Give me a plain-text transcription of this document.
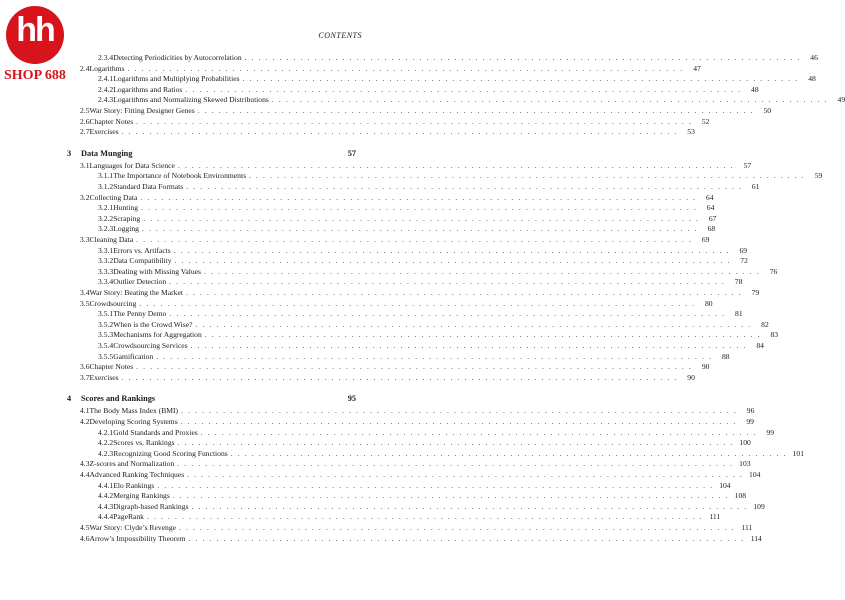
hh
SHOP 688
CONTENTS
2.3.4 Detecting Periodicities by Autocorrelation . . . . . . . . . . . . . . . . . . . . . . . . . . . . . . . . . . . . . . . . . . . . . . . . . . . . . . . . . . . . . . . . . . . . . . . . . . . . . . . .	46
2.4 Logarithms . . . . . . . . . . . . . . . . . . . . . . . . . . . . . . . . . . . . . . . . . . . . . . . . . . . . . . . . . . . . . . . . . . . . . . . . . . . . . . . .	47
2.4.1 Logarithms and Multiplying Probabilities . . . . . . . . . . . . . . . . . . . . . . . . . . . . . . . . . . . . . . . . . . . . . . . . . . . . . . . . . . . . . . . . . . . . . . . . . . . . . . . .	48
2.4.2 Logarithms and Ratios . . . . . . . . . . . . . . . . . . . . . . . . . . . . . . . . . . . . . . . . . . . . . . . . . . . . . . . . . . . . . . . . . . . . . . . . . . . . . . . .	48
2.4.3 Logarithms and Normalizing Skewed Distributions . . . . . . . . . . . . . . . . . . . . . . . . . . . . . . . . . . . . . . . . . . . . . . . . . . . . . . . . . . . . . . . . . . . . . . . . . . . . . . . .	49
2.5 War Story: Fitting Designer Genes . . . . . . . . . . . . . . . . . . . . . . . . . . . . . . . . . . . . . . . . . . . . . . . . . . . . . . . . . . . . . . . . . . . . . . . . . . . . . . . .	50
2.6 Chapter Notes . . . . . . . . . . . . . . . . . . . . . . . . . . . . . . . . . . . . . . . . . . . . . . . . . . . . . . . . . . . . . . . . . . . . . . . . . . . . . . . .	52
2.7 Exercises . . . . . . . . . . . . . . . . . . . . . . . . . . . . . . . . . . . . . . . . . . . . . . . . . . . . . . . . . . . . . . . . . . . . . . . . . . . . . . . .	53
3	Data Munging	57
3.1 Languages for Data Science . . . . . . . . . . . . . . . . . . . . . . . . . . . . . . . . . . . . . . . . . . . . . . . . . . . . . . . . . . . . . . . . . . . . . . . . . . . . . . . .	57
3.1.1 The Importance of Notebook Environments . . . . . . . . . . . . . . . . . . . . . . . . . . . . . . . . . . . . . . . . . . . . . . . . . . . . . . . . . . . . . . . . . . . . . . . . . . . . . . . .	59
3.1.2 Standard Data Formats . . . . . . . . . . . . . . . . . . . . . . . . . . . . . . . . . . . . . . . . . . . . . . . . . . . . . . . . . . . . . . . . . . . . . . . . . . . . . . . .	61
3.2 Collecting Data . . . . . . . . . . . . . . . . . . . . . . . . . . . . . . . . . . . . . . . . . . . . . . . . . . . . . . . . . . . . . . . . . . . . . . . . . . . . . . . .	64
3.2.1 Hunting . . . . . . . . . . . . . . . . . . . . . . . . . . . . . . . . . . . . . . . . . . . . . . . . . . . . . . . . . . . . . . . . . . . . . . . . . . . . . . . .	64
3.2.2 Scraping . . . . . . . . . . . . . . . . . . . . . . . . . . . . . . . . . . . . . . . . . . . . . . . . . . . . . . . . . . . . . . . . . . . . . . . . . . . . . . . .	67
3.2.3 Logging . . . . . . . . . . . . . . . . . . . . . . . . . . . . . . . . . . . . . . . . . . . . . . . . . . . . . . . . . . . . . . . . . . . . . . . . . . . . . . . .	68
3.3 Cleaning Data . . . . . . . . . . . . . . . . . . . . . . . . . . . . . . . . . . . . . . . . . . . . . . . . . . . . . . . . . . . . . . . . . . . . . . . . . . . . . . . .	69
3.3.1 Errors vs. Artifacts . . . . . . . . . . . . . . . . . . . . . . . . . . . . . . . . . . . . . . . . . . . . . . . . . . . . . . . . . . . . . . . . . . . . . . . . . . . . . . . .	69
3.3.2 Data Compatibility . . . . . . . . . . . . . . . . . . . . . . . . . . . . . . . . . . . . . . . . . . . . . . . . . . . . . . . . . . . . . . . . . . . . . . . . . . . . . . . .	72
3.3.3 Dealing with Missing Values . . . . . . . . . . . . . . . . . . . . . . . . . . . . . . . . . . . . . . . . . . . . . . . . . . . . . . . . . . . . . . . . . . . . . . . . . . . . . . . .	76
3.3.4 Outlier Detection . . . . . . . . . . . . . . . . . . . . . . . . . . . . . . . . . . . . . . . . . . . . . . . . . . . . . . . . . . . . . . . . . . . . . . . . . . . . . . . .	78
3.4 War Story: Beating the Market . . . . . . . . . . . . . . . . . . . . . . . . . . . . . . . . . . . . . . . . . . . . . . . . . . . . . . . . . . . . . . . . . . . . . . . . . . . . . . . .	79
3.5 Crowdsourcing . . . . . . . . . . . . . . . . . . . . . . . . . . . . . . . . . . . . . . . . . . . . . . . . . . . . . . . . . . . . . . . . . . . . . . . . . . . . . . . .	80
3.5.1 The Penny Demo . . . . . . . . . . . . . . . . . . . . . . . . . . . . . . . . . . . . . . . . . . . . . . . . . . . . . . . . . . . . . . . . . . . . . . . . . . . . . . . .	81
3.5.2 When is the Crowd Wise? . . . . . . . . . . . . . . . . . . . . . . . . . . . . . . . . . . . . . . . . . . . . . . . . . . . . . . . . . . . . . . . . . . . . . . . . . . . . . . . .	82
3.5.3 Mechanisms for Aggregation . . . . . . . . . . . . . . . . . . . . . . . . . . . . . . . . . . . . . . . . . . . . . . . . . . . . . . . . . . . . . . . . . . . . . . . . . . . . . . . .	83
3.5.4 Crowdsourcing Services . . . . . . . . . . . . . . . . . . . . . . . . . . . . . . . . . . . . . . . . . . . . . . . . . . . . . . . . . . . . . . . . . . . . . . . . . . . . . . . .	84
3.5.5 Gamification . . . . . . . . . . . . . . . . . . . . . . . . . . . . . . . . . . . . . . . . . . . . . . . . . . . . . . . . . . . . . . . . . . . . . . . . . . . . . . . .	88
3.6 Chapter Notes . . . . . . . . . . . . . . . . . . . . . . . . . . . . . . . . . . . . . . . . . . . . . . . . . . . . . . . . . . . . . . . . . . . . . . . . . . . . . . . .	90
3.7 Exercises . . . . . . . . . . . . . . . . . . . . . . . . . . . . . . . . . . . . . . . . . . . . . . . . . . . . . . . . . . . . . . . . . . . . . . . . . . . . . . . .	90
4	Scores and Rankings	95
4.1 The Body Mass Index (BMI) . . . . . . . . . . . . . . . . . . . . . . . . . . . . . . . . . . . . . . . . . . . . . . . . . . . . . . . . . . . . . . . . . . . . . . . . . . . . . . . .	96
4.2 Developing Scoring Systems . . . . . . . . . . . . . . . . . . . . . . . . . . . . . . . . . . . . . . . . . . . . . . . . . . . . . . . . . . . . . . . . . . . . . . . . . . . . . . . .	99
4.2.1 Gold Standards and Proxies . . . . . . . . . . . . . . . . . . . . . . . . . . . . . . . . . . . . . . . . . . . . . . . . . . . . . . . . . . . . . . . . . . . . . . . . . . . . . . . .	99
4.2.2 Scores vs. Rankings . . . . . . . . . . . . . . . . . . . . . . . . . . . . . . . . . . . . . . . . . . . . . . . . . . . . . . . . . . . . . . . . . . . . . . . . . . . . . . . . 100
4.2.3 Recognizing Good Scoring Functions . . . . . . . . . . . . . . . . . . . . . . . . . . . . . . . . . . . . . . . . . . . . . . . . . . . . . . . . . . . . . . . . . . . . . . . . . . . . . . . . 101
4.3 Z-scores and Normalization . . . . . . . . . . . . . . . . . . . . . . . . . . . . . . . . . . . . . . . . . . . . . . . . . . . . . . . . . . . . . . . . . . . . . . . . . . . . . . . . 103
4.4 Advanced Ranking Techniques . . . . . . . . . . . . . . . . . . . . . . . . . . . . . . . . . . . . . . . . . . . . . . . . . . . . . . . . . . . . . . . . . . . . . . . . . . . . . . . . 104
4.4.1 Elo Rankings . . . . . . . . . . . . . . . . . . . . . . . . . . . . . . . . . . . . . . . . . . . . . . . . . . . . . . . . . . . . . . . . . . . . . . . . . . . . . . . . 104
4.4.2 Merging Rankings . . . . . . . . . . . . . . . . . . . . . . . . . . . . . . . . . . . . . . . . . . . . . . . . . . . . . . . . . . . . . . . . . . . . . . . . . . . . . . . . 108
4.4.3 Digraph-based Rankings . . . . . . . . . . . . . . . . . . . . . . . . . . . . . . . . . . . . . . . . . . . . . . . . . . . . . . . . . . . . . . . . . . . . . . . . . . . . . . . . 109
4.4.4 PageRank . . . . . . . . . . . . . . . . . . . . . . . . . . . . . . . . . . . . . . . . . . . . . . . . . . . . . . . . . . . . . . . . . . . . . . . . . . . . . . . . 111
4.5 War Story: Clyde’s Revenge . . . . . . . . . . . . . . . . . . . . . . . . . . . . . . . . . . . . . . . . . . . . . . . . . . . . . . . . . . . . . . . . . . . . . . . . . . . . . . . . 111
4.6 Arrow’s Impossibility Theorem . . . . . . . . . . . . . . . . . . . . . . . . . . . . . . . . . . . . . . . . . . . . . . . . . . . . . . . . . . . . . . . . . . . . . . . . . . . . . . . . 114
